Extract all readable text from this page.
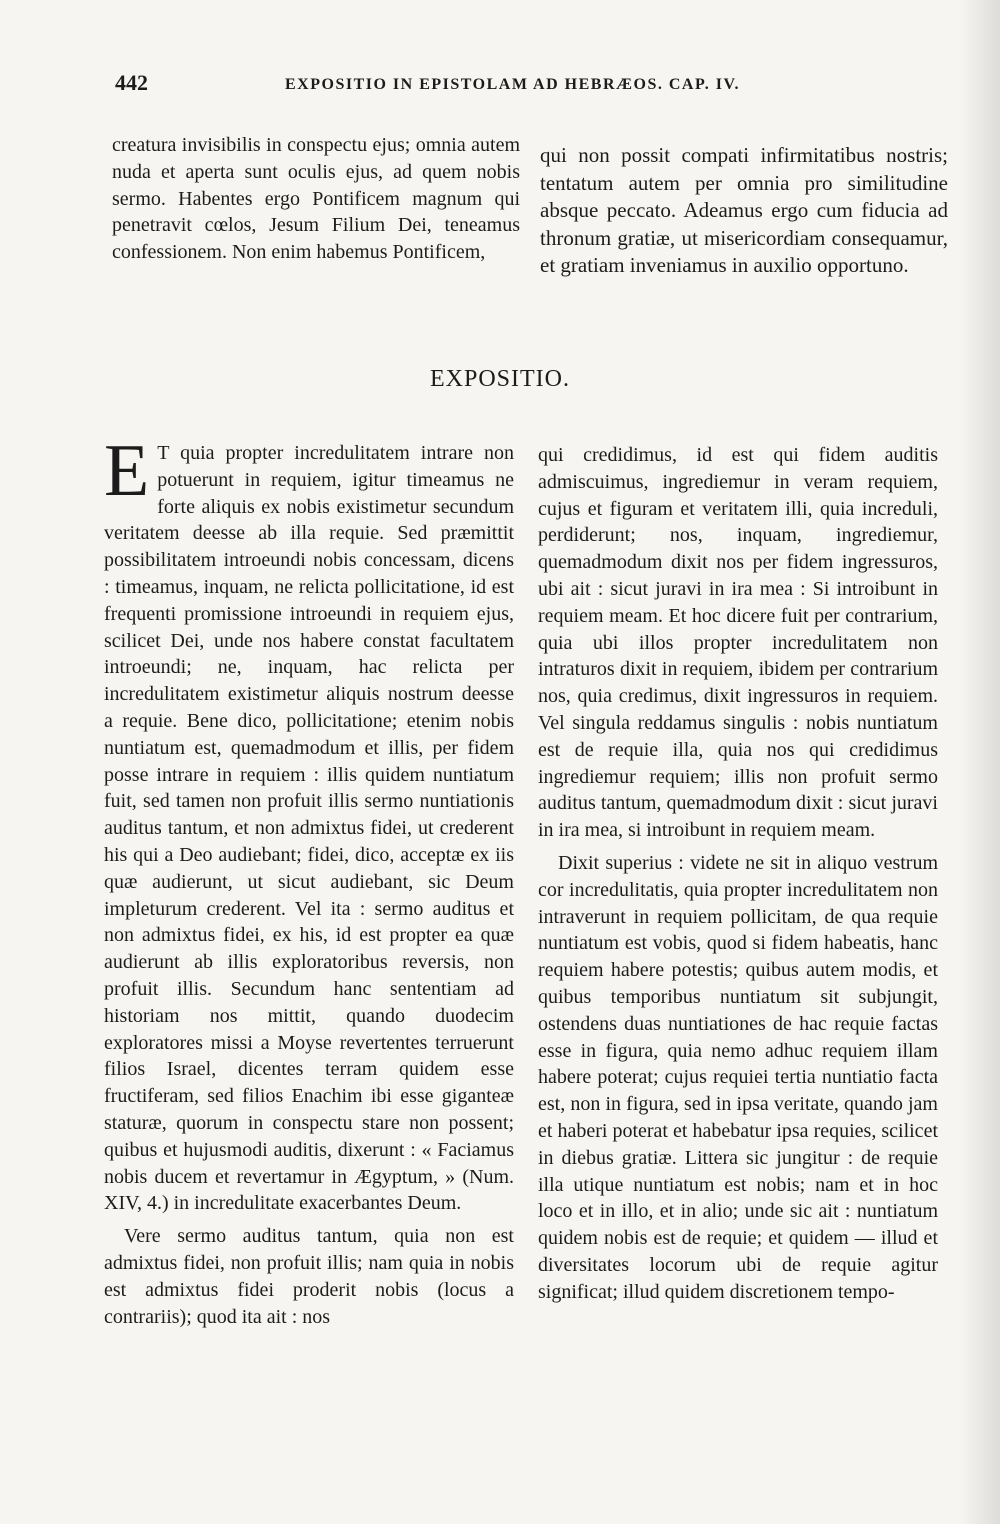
442	EXPOSITIO IN EPISTOLAM AD HEBRÆOS. CAP. IV.
creatura invisibilis in conspectu ejus; omnia autem nuda et aperta sunt oculis ejus, ad quem nobis sermo. Habentes ergo Pontificem magnum qui penetravit cœlos, Jesum Filium Dei, teneamus confessionem. Non enim habemus Pontificem,
qui non possit compati infirmitatibus nostris; tentatum autem per omnia pro similitudine absque peccato. Adeamus ergo cum fiducia ad thronum gratiæ, ut misericordiam consequamur, et gratiam inveniamus in auxilio opportuno.
EXPOSITIO.

E T quia propter incredulitatem intrare non potuerunt in requiem, igitur timeamus ne forte aliquis ex nobis existimetur secundum veritatem deesse ab illa requie. Sed præmittit possibilitatem introeundi nobis concessam, dicens : timeamus, inquam, ne relicta pollicitatione, id est frequenti promissione introeundi in requiem ejus, scilicet Dei, unde nos habere constat facultatem introeundi; ne, inquam, hac relicta per incredulitatem existimetur aliquis nostrum deesse a requie. Bene dico, pollicitatione; etenim nobis nuntiatum est, quemadmodum et illis, per fidem posse intrare in requiem : illis quidem nuntiatum fuit, sed tamen non profuit illis sermo nuntiationis auditus tantum, et non admixtus fidei, ut crederent his qui a Deo audiebant; fidei, dico, acceptæ ex iis quæ audierunt, ut sicut audiebant, sic Deum impleturum crederent. Vel ita : sermo auditus et non admixtus fidei, ex his, id est propter ea quæ audierunt ab illis exploratoribus reversis, non profuit illis. Secundum hanc sententiam ad historiam nos mittit, quando duodecim exploratores missi a Moyse revertentes terruerunt filios Israel, dicentes terram quidem esse fructiferam, sed filios Enachim ibi esse giganteæ staturæ, quorum in conspectu stare non possent; quibus et hujusmodi auditis, dixerunt : « Faciamus nobis ducem et revertamur in Ægyptum, » (Num. XIV, 4.) in incredulitate exacerbantes Deum.

Vere sermo auditus tantum, quia non est admixtus fidei, non profuit illis; nam quia in nobis est admixtus fidei proderit nobis (locus a contrariis); quod ita ait : nos

qui credidimus, id est qui fidem auditis admiscuimus, ingrediemur in veram requiem, cujus et figuram et veritatem illi, quia increduli, perdiderunt; nos, inquam, ingrediemur, quemadmodum dixit nos per fidem ingressuros, ubi ait : sicut juravi in ira mea : Si introibunt in requiem meam. Et hoc dicere fuit per contrarium, quia ubi illos propter incredulitatem non intraturos dixit in requiem, ibidem per contrarium nos, quia credimus, dixit ingressuros in requiem. Vel singula reddamus singulis : nobis nuntiatum est de requie illa, quia nos qui credidimus ingrediemur requiem; illis non profuit sermo auditus tantum, quemadmodum dixit : sicut juravi in ira mea, si introibunt in requiem meam.

Dixit superius : videte ne sit in aliquo vestrum cor incredulitatis, quia propter incredulitatem non intraverunt in requiem pollicitam, de qua requie nuntiatum est vobis, quod si fidem habeatis, hanc requiem habere potestis; quibus autem modis, et quibus temporibus nuntiatum sit subjungit, ostendens duas nuntiationes de hac requie factas esse in figura, quia nemo adhuc requiem illam habere poterat; cujus requiei tertia nuntiatio facta est, non in figura, sed in ipsa veritate, quando jam et haberi poterat et habebatur ipsa requies, scilicet in diebus gratiæ. Littera sic jungitur : de requie illa utique nuntiatum est nobis; nam et in hoc loco et in illo, et in alio; unde sic ait : nuntiatum quidem nobis est de requie; et quidem — illud et diversitates locorum ubi de requie agitur significat; illud quidem discretionem tempo-
